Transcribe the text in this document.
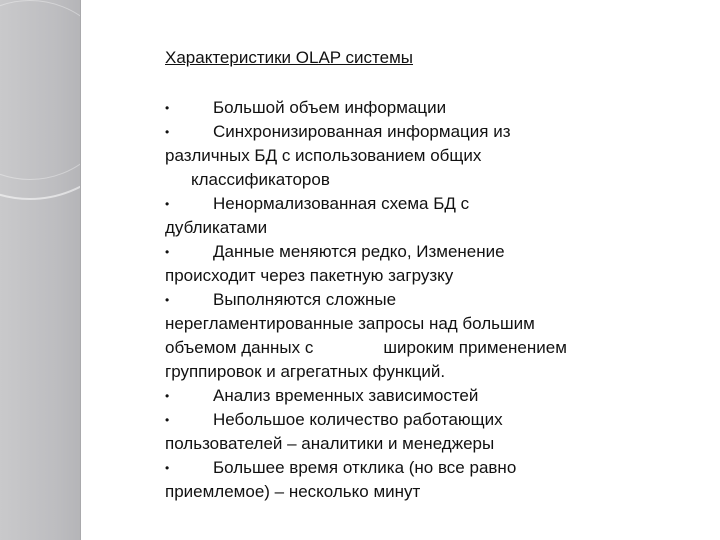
Характеристики OLAP системы
•	Большой объем информации
•	Синхронизированная информация из
различных БД с использованием общих
классификаторов
•	Ненормализованная схема БД с
дубликатами
•	Данные меняются редко, Изменение
происходит через пакетную загрузку
•	Выполняются сложные
нерегламентированные запросы над большим
объемом данных с	широким применением
группировок и агрегатных функций.
•	Анализ временных зависимостей
•	Небольшое количество работающих
пользователей – аналитики и менеджеры
•	Большее время отклика (но все равно
приемлемое) – несколько минут
